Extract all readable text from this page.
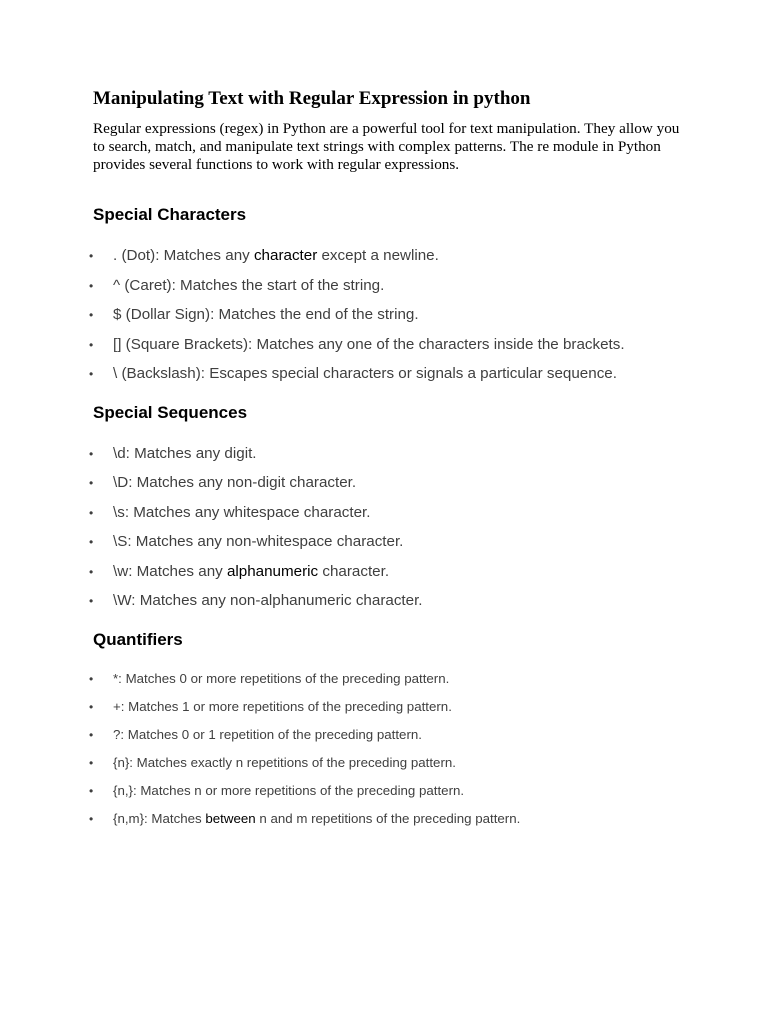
Manipulating Text with Regular Expression in python

Regular expressions (regex) in Python are a powerful tool for text manipulation. They allow you to search, match, and manipulate text strings with complex patterns. The re module in Python provides several functions to work with regular expressions.

Special Characters
• . (Dot): Matches any character except a newline.
• ^ (Caret): Matches the start of the string.
• $ (Dollar Sign): Matches the end of the string.
• [] (Square Brackets): Matches any one of the characters inside the brackets.
• \ (Backslash): Escapes special characters or signals a particular sequence.
Special Sequences
• \d: Matches any digit.
• \D: Matches any non-digit character.
• \s: Matches any whitespace character.
• \S: Matches any non-whitespace character.
• \w: Matches any alphanumeric character.
• \W: Matches any non-alphanumeric character.
Quantifiers
• *: Matches 0 or more repetitions of the preceding pattern.
• +: Matches 1 or more repetitions of the preceding pattern.
• ?: Matches 0 or 1 repetition of the preceding pattern.
• {n}: Matches exactly n repetitions of the preceding pattern.
• {n,}: Matches n or more repetitions of the preceding pattern.
• {n,m}: Matches between n and m repetitions of the preceding pattern.
